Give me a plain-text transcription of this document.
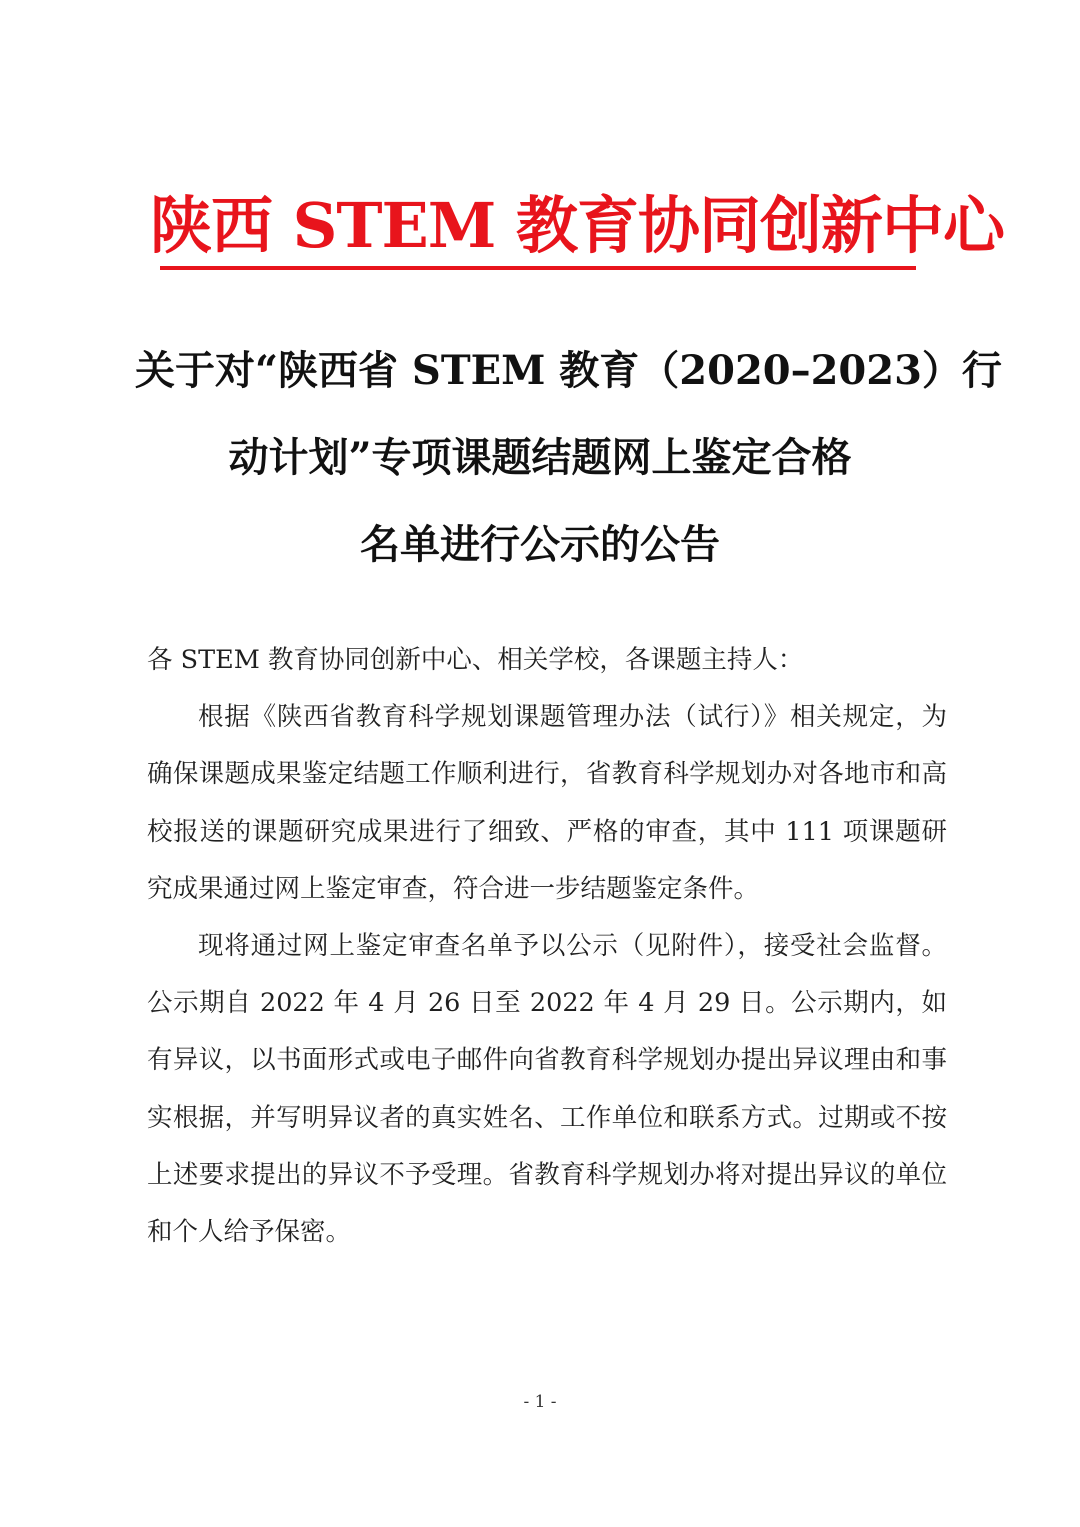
陕西 STEM 教育协同创新中心
关于对“陕西省 STEM 教育（2020–2023）行
动计划”专项课题结题网上鉴定合格
名单进行公示的公告

各 STEM 教育协同创新中心、相关学校，各课题主持人：

根据《陕西省教育科学规划课题管理办法（试行）》相关规定，为确保课题成果鉴定结题工作顺利进行，省教育科学规划办对各地市和高校报送的课题研究成果进行了细致、严格的审查，其中 111 项课题研究成果通过网上鉴定审查，符合进一步结题鉴定条件。

现将通过网上鉴定审查名单予以公示（见附件），接受社会监督。公示期自 2022 年 4 月 26 日至 2022 年 4 月 29 日。公示期内，如有异议，以书面形式或电子邮件向省教育科学规划办提出异议理由和事实根据，并写明异议者的真实姓名、工作单位和联系方式。过期或不按上述要求提出的异议不予受理。省教育科学规划办将对提出异议的单位和个人给予保密。

- 1 -
